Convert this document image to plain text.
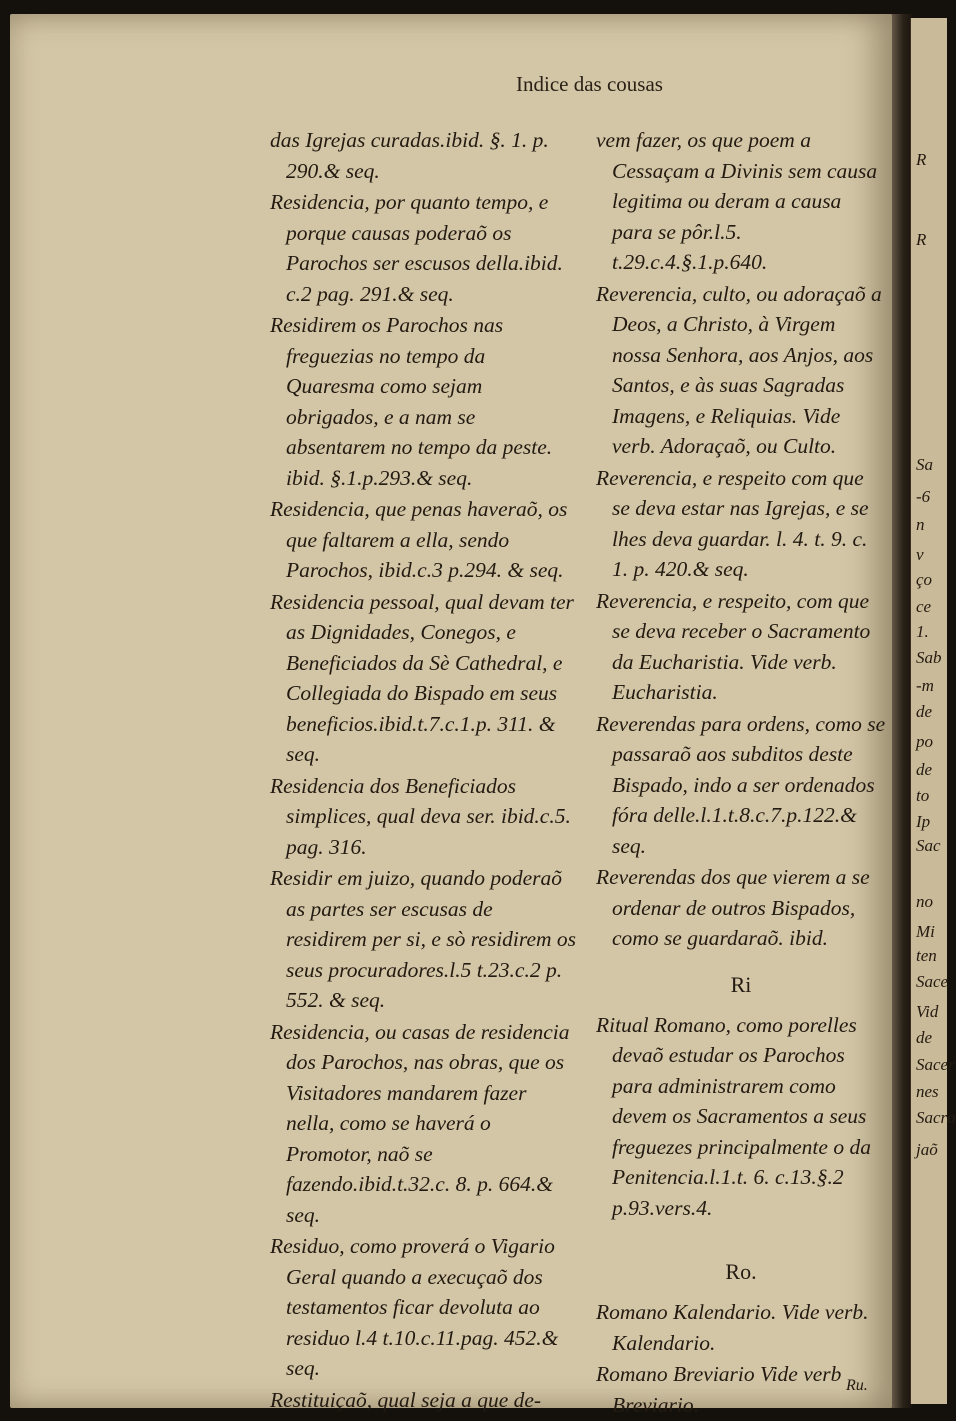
Indice das cousas

das Igrejas curadas.ibid. §. 1. p. 290.& seq.

Residencia, por quanto tempo, e porque causas poderaõ os Parochos ser escusos della.ibid. c.2 pag. 291.& seq.

Residirem os Parochos nas freguezias no tempo da Quaresma como sejam obrigados, e a nam se absentarem no tempo da peste. ibid. §.1.p.293.& seq.

Residencia, que penas haveraõ, os que faltarem a ella, sendo Parochos, ibid.c.3 p.294. & seq.

Residencia pessoal, qual devam ter as Dignidades, Conegos, e Beneficiados da Sè Cathedral, e Collegiada do Bispado em seus beneficios.ibid.t.7.c.1.p. 311. & seq.

Residencia dos Beneficiados simplices, qual deva ser. ibid.c.5. pag. 316.

Residir em juizo, quando poderaõ as partes ser escusas de residirem per si, e sò residirem os seus procuradores.l.5 t.23.c.2 p. 552. & seq.

Residencia, ou casas de residencia dos Parochos, nas obras, que os Visitadores mandarem fazer nella, como se haverá o Promotor, naõ se fazendo.ibid.t.32.c. 8. p. 664.& seq.

Residuo, como proverá o Vigario Geral quando a execuçaõ dos testamentos ficar devoluta ao residuo l.4 t.10.c.11.pag. 452.& seq.

Restituiçaõ, qual seja a que de-

vem fazer, os que poem a Cessaçam a Divinis sem causa legitima ou deram a causa para se pôr.l.5. t.29.c.4.§.1.p.640.

Reverencia, culto, ou adoraçaõ a Deos, a Christo, à Virgem nossa Senhora, aos Anjos, aos Santos, e às suas Sagradas Imagens, e Reliquias. Vide verb. Adoraçaõ, ou Culto.

Reverencia, e respeito com que se deva estar nas Igrejas, e se lhes deva guardar. l. 4. t. 9. c. 1. p. 420.& seq.

Reverencia, e respeito, com que se deva receber o Sacramento da Eucharistia. Vide verb. Eucharistia.

Reverendas para ordens, como se passaraõ aos subditos deste Bispado, indo a ser ordenados fóra delle.l.1.t.8.c.7.p.122.& seq.

Reverendas dos que vierem a se ordenar de outros Bispados, como se guardaraõ. ibid.

Ri

Ritual Romano, como porelles devaõ estudar os Parochos para administrarem como devem os Sacramentos a seus freguezes principalmente o da Penitencia.l.1.t. 6. c.13.§.2 p.93.vers.4.

Ro.

Romano Kalendario. Vide verb. Kalendario.

Romano Breviario Vide verb Breviario.

Ru.
R
R
Sa
-6
n
v
ço
ce
1.
Sab
-m
de
po
de
to
Ip
Sac
no
Mi
ten
Sace
Vid
de
Sacer
nes
Sacra
jaõ
